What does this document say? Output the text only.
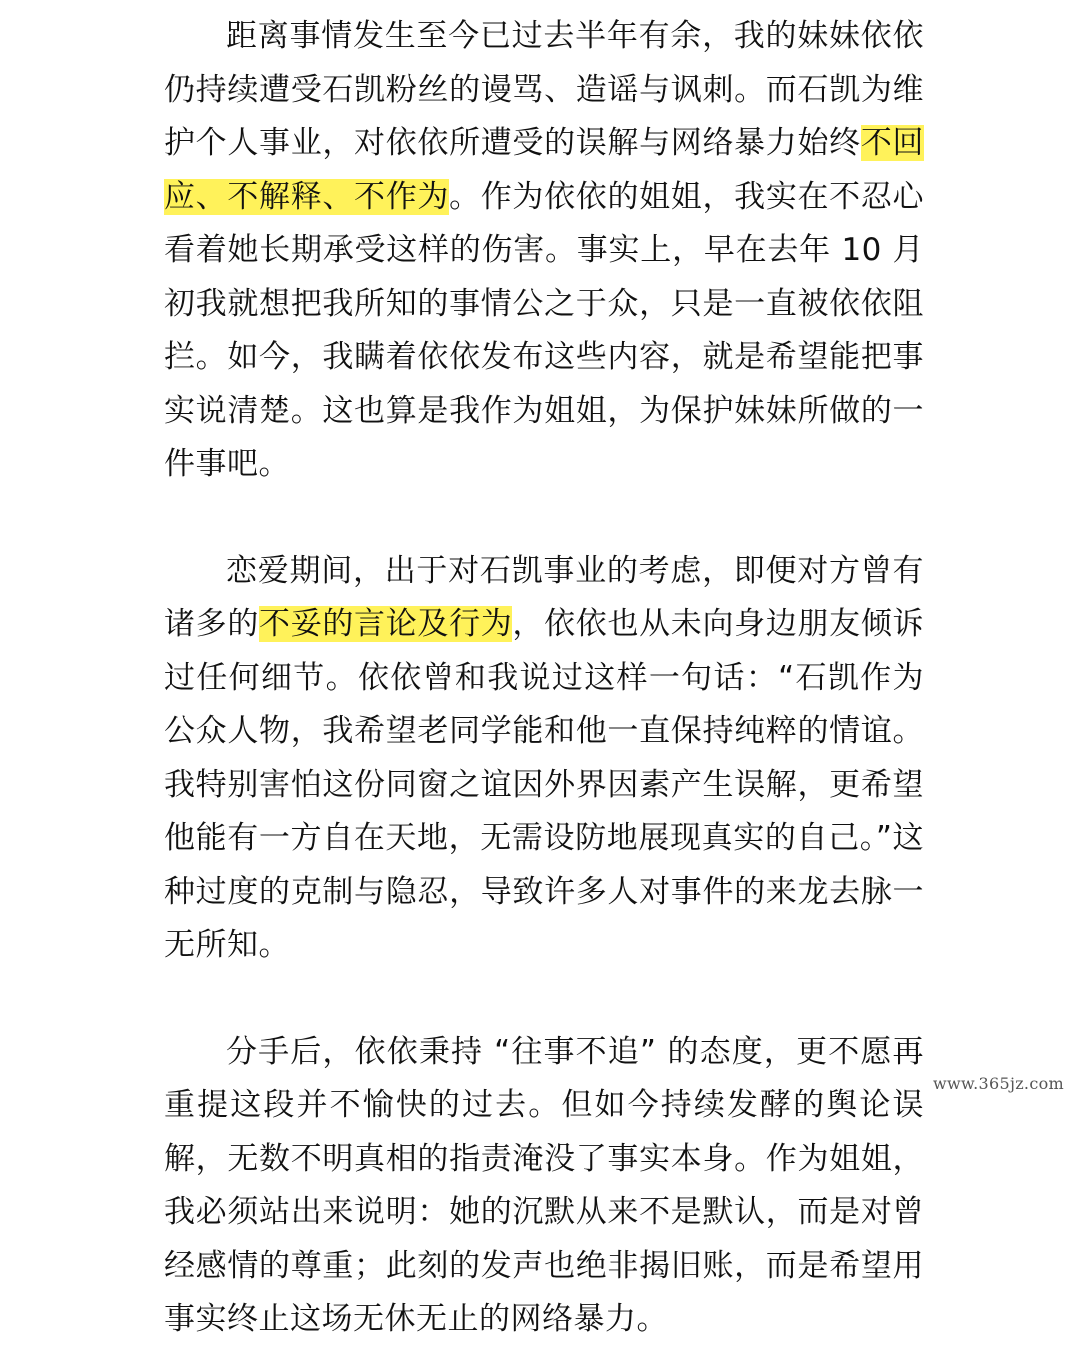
距离事情发生至今已过去半年有余，我的妹妹依依仍持续遭受石凯粉丝的谩骂、造谣与讽刺。而石凯为维护个人事业，对依依所遭受的误解与网络暴力始终不回应、不解释、不作为。作为依依的姐姐，我实在不忍心看着她长期承受这样的伤害。事实上，早在去年 10 月初我就想把我所知的事情公之于众，只是一直被依依阻拦。如今，我瞒着依依发布这些内容，就是希望能把事实说清楚。这也算是我作为姐姐，为保护妹妹所做的一件事吧。

恋爱期间，出于对石凯事业的考虑，即便对方曾有诸多的不妥的言论及行为，依依也从未向身边朋友倾诉过任何细节。依依曾和我说过这样一句话：“石凯作为公众人物，我希望老同学能和他一直保持纯粹的情谊。我特别害怕这份同窗之谊因外界因素产生误解，更希望他能有一方自在天地，无需设防地展现真实的自己。”这种过度的克制与隐忍，导致许多人对事件的来龙去脉一无所知。

分手后，依依秉持 “往事不追” 的态度，更不愿再重提这段并不愉快的过去。但如今持续发酵的舆论误解，无数不明真相的指责淹没了事实本身。作为姐姐，我必须站出来说明：她的沉默从来不是默认，而是对曾经感情的尊重；此刻的发声也绝非揭旧账，而是希望用事实终止这场无休无止的网络暴力。

www.365jz.com
